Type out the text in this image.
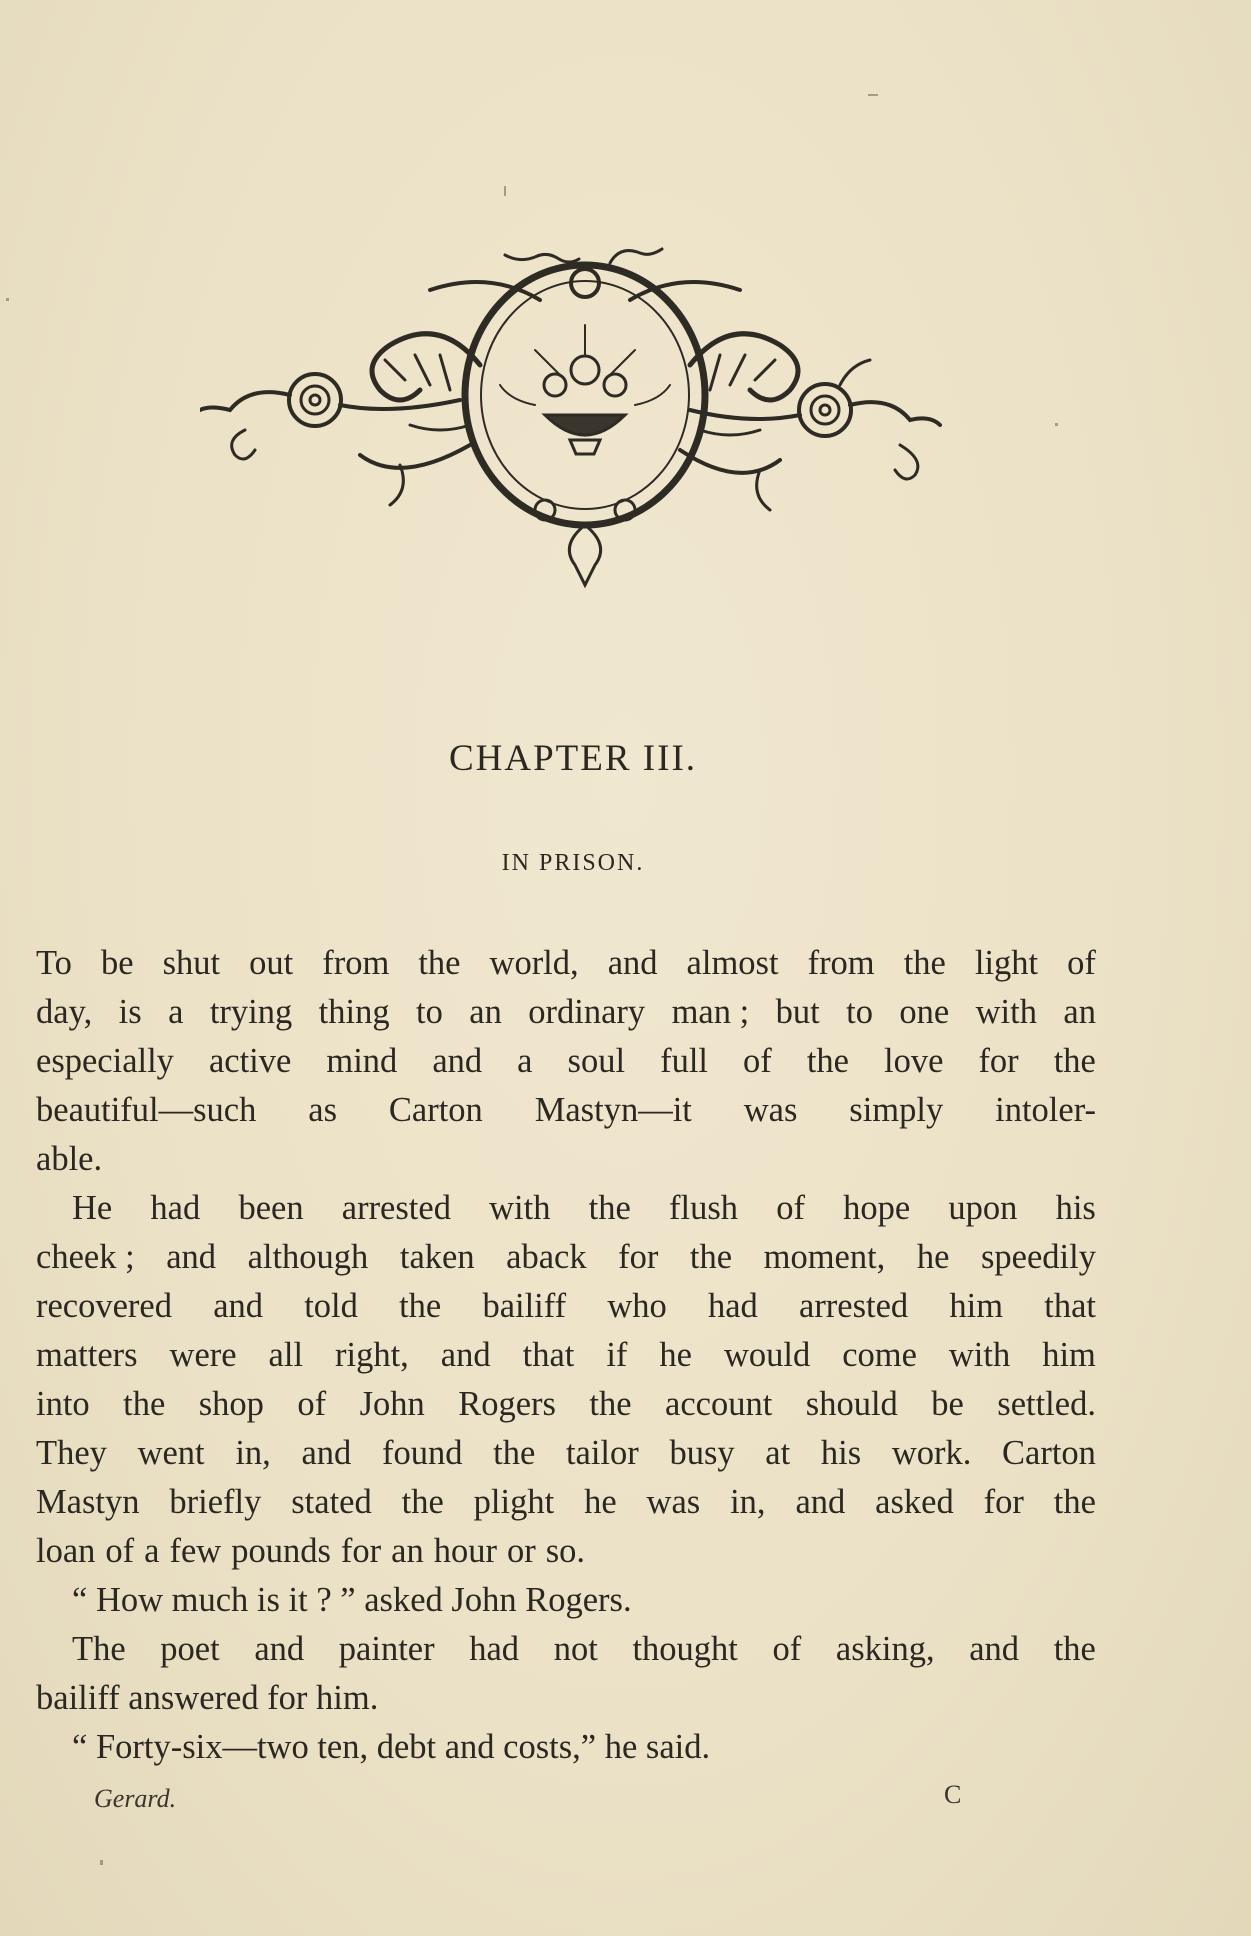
CHAPTER III.
IN PRISON.
To be shut out from the world, and almost from the light of
day, is a trying thing to an ordinary man ; but to one with an
especially active mind and a soul full of the love for the
beautiful—such as Carton Mastyn—it was simply intoler-
able.
He had been arrested with the flush of hope upon his
cheek ; and although taken aback for the moment, he speedily
recovered and told the bailiff who had arrested him that
matters were all right, and that if he would come with him
into the shop of John Rogers the account should be settled.
They went in, and found the tailor busy at his work. Carton
Mastyn briefly stated the plight he was in, and asked for the
loan of a few pounds for an hour or so.
“ How much is it ? ” asked John Rogers.
The poet and painter had not thought of asking, and the
bailiff answered for him.
“ Forty-six—two ten, debt and costs,” he said.
Gerard.	C
